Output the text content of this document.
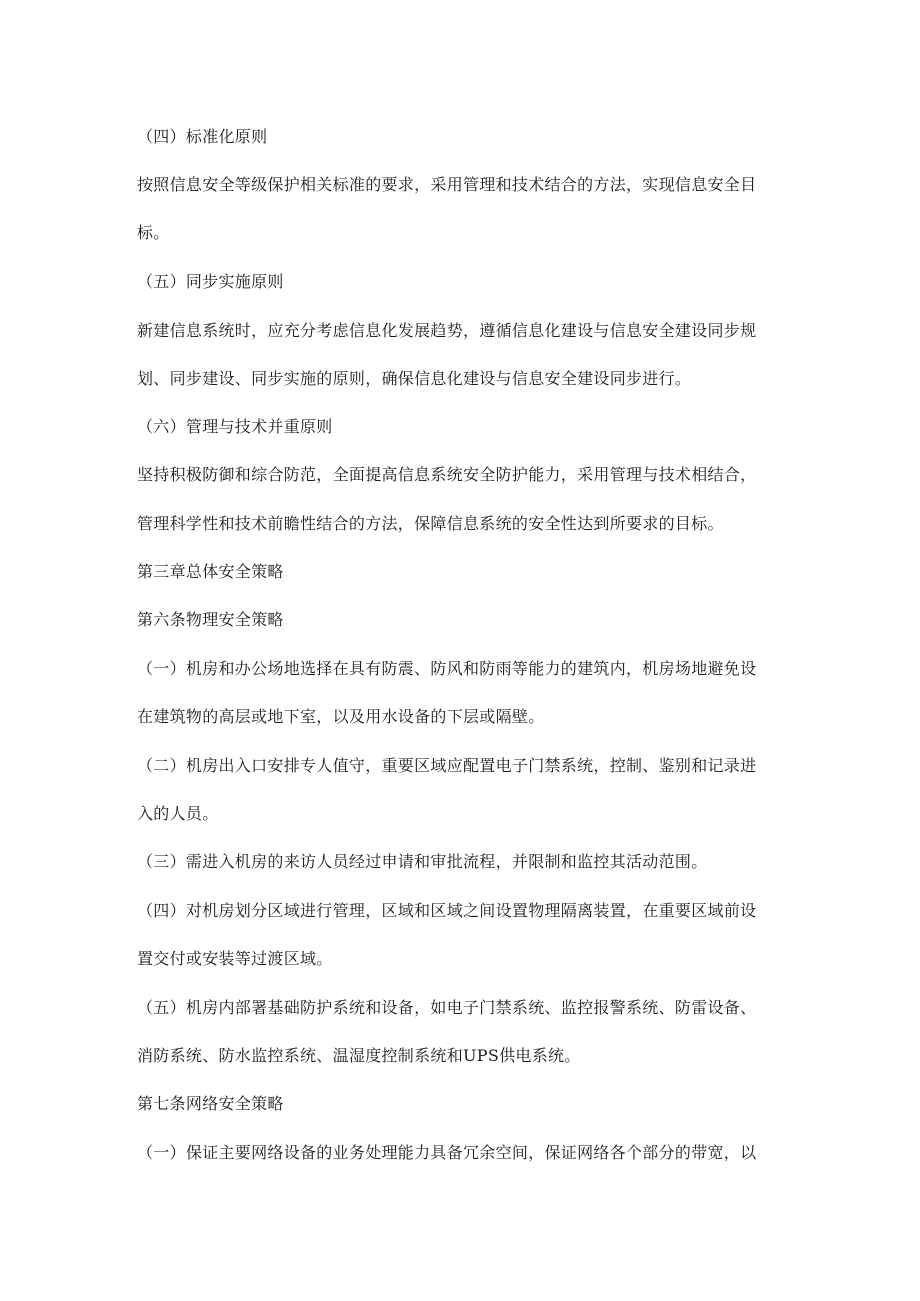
（四）标准化原则
按照信息安全等级保护相关标准的要求，采用管理和技术结合的方法，实现信息安全目
标。
（五）同步实施原则
新建信息系统时，应充分考虑信息化发展趋势，遵循信息化建设与信息安全建设同步规
划、同步建设、同步实施的原则，确保信息化建设与信息安全建设同步进行。
（六）管理与技术并重原则
坚持积极防御和综合防范，全面提高信息系统安全防护能力，采用管理与技术相结合，
管理科学性和技术前瞻性结合的方法，保障信息系统的安全性达到所要求的目标。
第三章总体安全策略
第六条物理安全策略
（一）机房和办公场地选择在具有防震、防风和防雨等能力的建筑内，机房场地避免设
在建筑物的高层或地下室，以及用水设备的下层或隔壁。
（二）机房出入口安排专人值守，重要区域应配置电子门禁系统，控制、鉴别和记录进
入的人员。
（三）需进入机房的来访人员经过申请和审批流程，并限制和监控其活动范围。
（四）对机房划分区域进行管理，区域和区域之间设置物理隔离装置，在重要区域前设
置交付或安装等过渡区域。
（五）机房内部署基础防护系统和设备，如电子门禁系统、监控报警系统、防雷设备、
消防系统、防水监控系统、温湿度控制系统和UPS供电系统。
第七条网络安全策略
（一）保证主要网络设备的业务处理能力具备冗余空间，保证网络各个部分的带宽，以
